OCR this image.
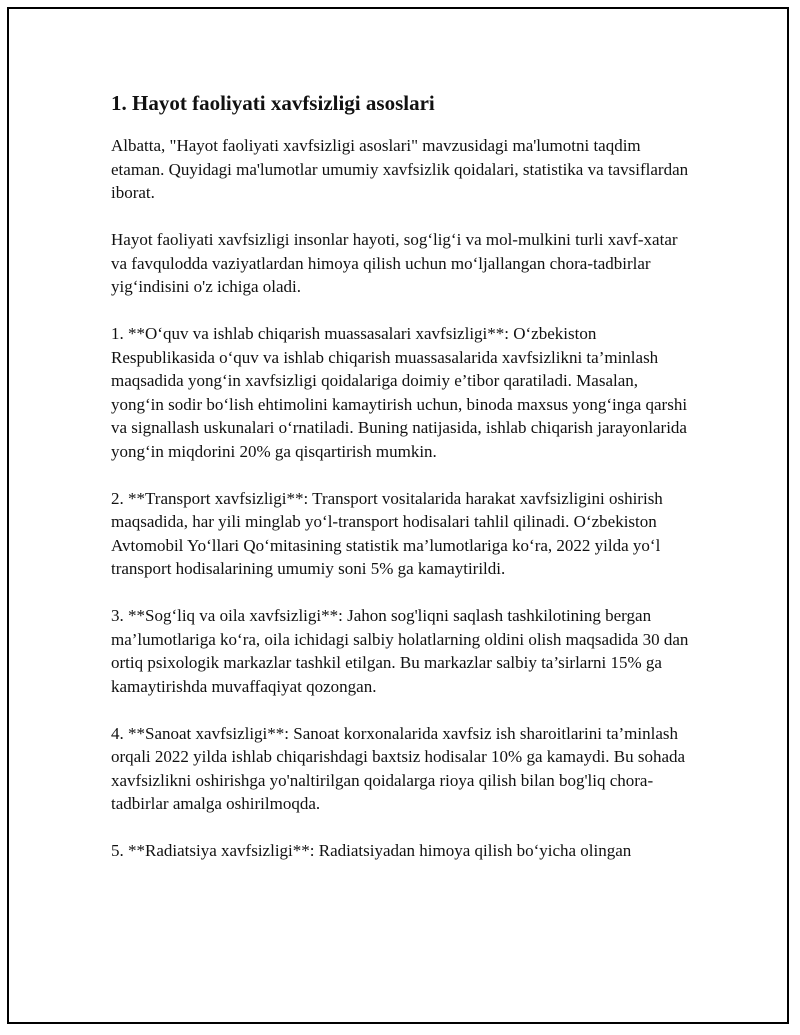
1. Hayot faoliyati xavfsizligi asoslari

Albatta, "Hayot faoliyati xavfsizligi asoslari" mavzusidagi ma'lumotni taqdim etaman. Quyidagi ma'lumotlar umumiy xavfsizlik qoidalari, statistika va tavsiflardan iborat.

Hayot faoliyati xavfsizligi insonlar hayoti, sog‘lig‘i va mol-mulkini turli xavf-xatar va favqulodda vaziyatlardan himoya qilish uchun mo‘ljallangan chora-tadbirlar yig‘indisini o'z ichiga oladi.

1. **O‘quv va ishlab chiqarish muassasalari xavfsizligi**: O‘zbekiston Respublikasida o‘quv va ishlab chiqarish muassasalarida xavfsizlikni ta’minlash maqsadida yong‘in xavfsizligi qoidalariga doimiy e’tibor qaratiladi. Masalan, yong‘in sodir bo‘lish ehtimolini kamaytirish uchun, binoda maxsus yong‘inga qarshi va signallash uskunalari o‘rnatiladi. Buning natijasida, ishlab chiqarish jarayonlarida yong‘in miqdorini 20% ga qisqartirish mumkin.

2. **Transport xavfsizligi**: Transport vositalarida harakat xavfsizligini oshirish maqsadida, har yili minglab yo‘l-transport hodisalari tahlil qilinadi. O‘zbekiston Avtomobil Yo‘llari Qo‘mitasining statistik ma’lumotlariga ko‘ra, 2022 yilda yo‘l transport hodisalarining umumiy soni 5% ga kamaytirildi.

3. **Sog‘liq va oila xavfsizligi**: Jahon sog'liqni saqlash tashkilotining bergan ma’lumotlariga ko‘ra, oila ichidagi salbiy holatlarning oldini olish maqsadida 30 dan ortiq psixologik markazlar tashkil etilgan. Bu markazlar salbiy ta’sirlarni 15% ga kamaytirishda muvaffaqiyat qozongan.

4. **Sanoat xavfsizligi**: Sanoat korxonalarida xavfsiz ish sharoitlarini ta’minlash orqali 2022 yilda ishlab chiqarishdagi baxtsiz hodisalar 10% ga kamaydi. Bu sohada xavfsizlikni oshirishga yo'naltirilgan qoidalarga rioya qilish bilan bog'liq chora-tadbirlar amalga oshirilmoqda.

5. **Radiatsiya xavfsizligi**: Radiatsiyadan himoya qilish bo‘yicha olingan
